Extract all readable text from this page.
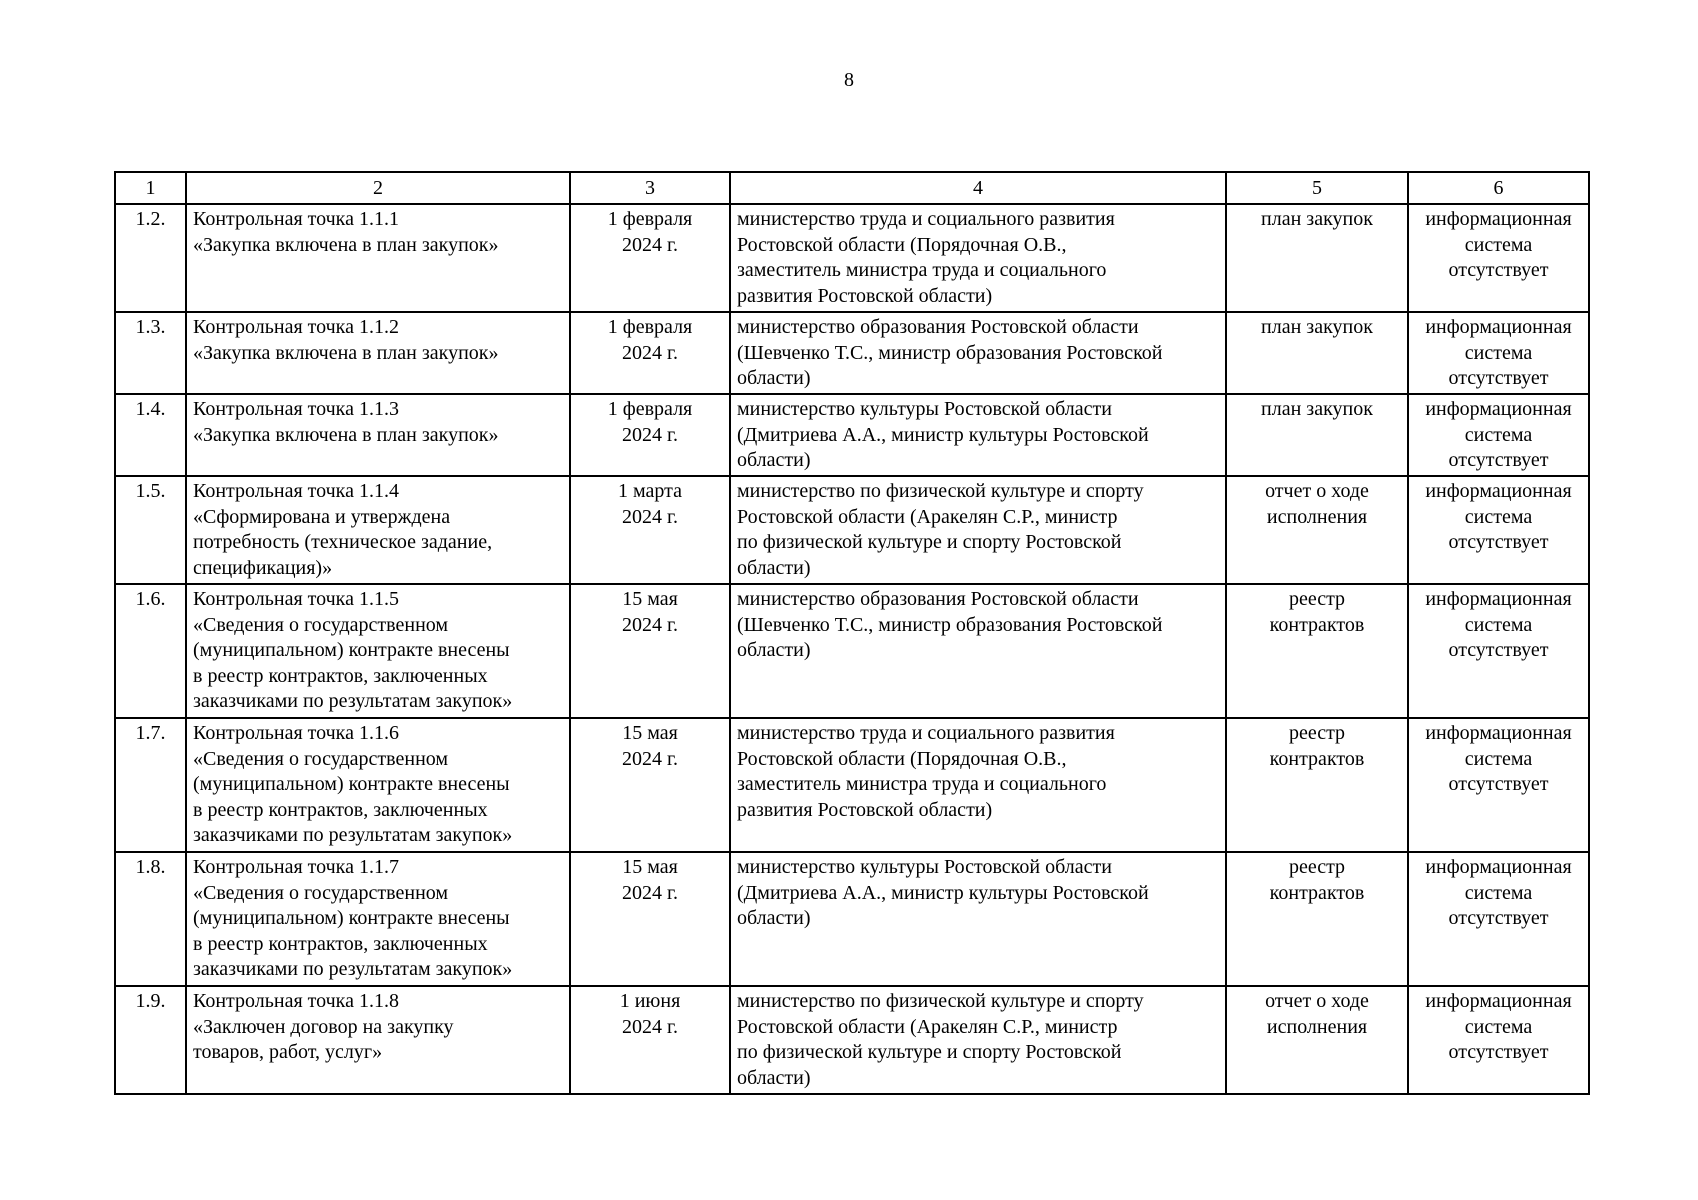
8
1	2	3	4	5	6
1.2.	Контрольная точка 1.1.1
«Закупка включена в план закупок»	1 февраля
2024 г.	министерство труда и социального развития
Ростовской области (Порядочная О.В.,
заместитель министра труда и социального
развития Ростовской области)	план закупок	информационная
система
отсутствует
1.3.	Контрольная точка 1.1.2
«Закупка включена в план закупок»	1 февраля
2024 г.	министерство образования Ростовской области
(Шевченко Т.С., министр образования Ростовской
области)	план закупок	информационная
система
отсутствует
1.4.	Контрольная точка 1.1.3
«Закупка включена в план закупок»	1 февраля
2024 г.	министерство культуры Ростовской области
(Дмитриева А.А., министр культуры Ростовской
области)	план закупок	информационная
система
отсутствует
1.5.	Контрольная точка 1.1.4
«Сформирована и утверждена
потребность (техническое задание,
спецификация)»	1 марта
2024 г.	министерство по физической культуре и спорту
Ростовской области (Аракелян С.Р., министр
по физической культуре и спорту Ростовской
области)	отчет о ходе
исполнения	информационная
система
отсутствует
1.6.	Контрольная точка 1.1.5
«Сведения о государственном
(муниципальном) контракте внесены
в реестр контрактов, заключенных
заказчиками по результатам закупок»	15 мая
2024 г.	министерство образования Ростовской области
(Шевченко Т.С., министр образования Ростовской
области)	реестр
контрактов	информационная
система
отсутствует
1.7.	Контрольная точка 1.1.6
«Сведения о государственном
(муниципальном) контракте внесены
в реестр контрактов, заключенных
заказчиками по результатам закупок»	15 мая
2024 г.	министерство труда и социального развития
Ростовской области (Порядочная О.В.,
заместитель министра труда и социального
развития Ростовской области)	реестр
контрактов	информационная
система
отсутствует
1.8.	Контрольная точка 1.1.7
«Сведения о государственном
(муниципальном) контракте внесены
в реестр контрактов, заключенных
заказчиками по результатам закупок»	15 мая
2024 г.	министерство культуры Ростовской области
(Дмитриева А.А., министр культуры Ростовской
области)	реестр
контрактов	информационная
система
отсутствует
1.9.	Контрольная точка 1.1.8
«Заключен договор на закупку
товаров, работ, услуг»	1 июня
2024 г.	министерство по физической культуре и спорту
Ростовской области (Аракелян С.Р., министр
по физической культуре и спорту Ростовской
области)	отчет о ходе
исполнения	информационная
система
отсутствует
